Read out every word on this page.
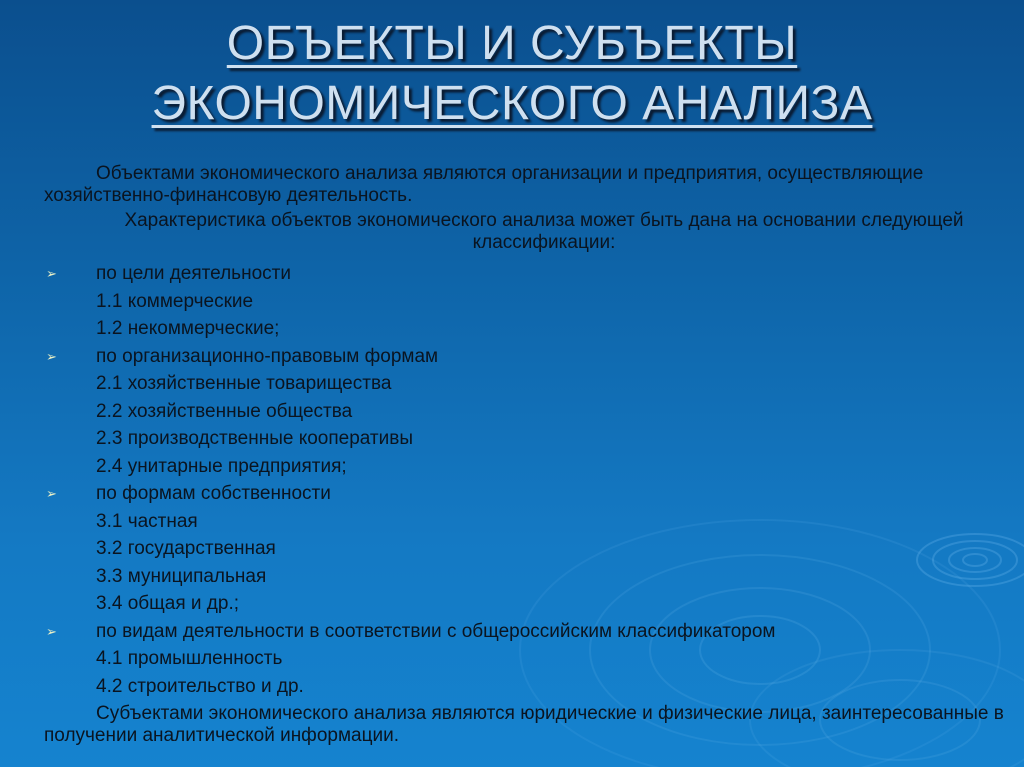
ОБЪЕКТЫ И СУБЪЕКТЫ
ЭКОНОМИЧЕСКОГО АНАЛИЗА

Объектами экономического анализа являются организации и предприятия, осуществляющие хозяйственно-финансовую деятельность.

Характеристика объектов экономического анализа может быть дана на основании следующей классификации:

➢ по цели деятельности
1.1 коммерческие
1.2 некоммерческие;
➢ по организационно-правовым формам
2.1 хозяйственные товарищества
2.2 хозяйственные общества
2.3 производственные кооперативы
2.4 унитарные предприятия;
➢ по формам собственности
3.1 частная
3.2 государственная
3.3 муниципальная
3.4 общая и др.;
➢ по видам деятельности в соответствии с общероссийским классификатором
4.1 промышленность
4.2 строительство и др.

Субъектами экономического анализа являются юридические и физические лица, заинтересованные в получении аналитической информации.
